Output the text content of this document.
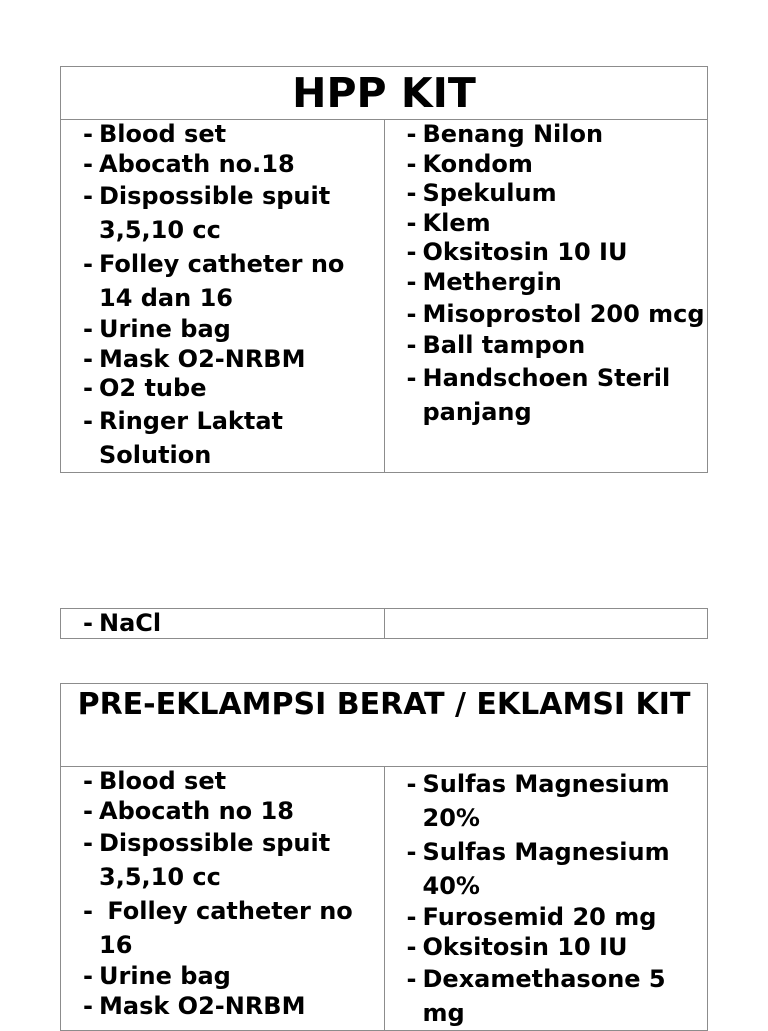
HPP KIT

- Blood set
- Abocath no.18
- Dispossible spuit 3,5,10 cc
- Folley catheter no 14 dan 16
- Urine bag
- Mask O2-NRBM
- O2 tube
- Ringer Laktat Solution

- Benang Nilon
- Kondom
- Spekulum
- Klem
- Oksitosin 10 IU
- Methergin
- Misoprostol 200 mcg
- Ball tampon
- Handschoen Steril panjang
- NaCl

PRE-EKLAMPSI BERAT / EKLAMSI KIT

- Blood set
- Abocath no 18
- Dispossible spuit 3,5,10 cc
- Folley catheter no 16
- Urine bag
- Mask O2-NRBM

- Sulfas Magnesium 20%
- Sulfas Magnesium 40%
- Furosemid 20 mg
- Oksitosin 10 IU
- Dexamethasone 5 mg
